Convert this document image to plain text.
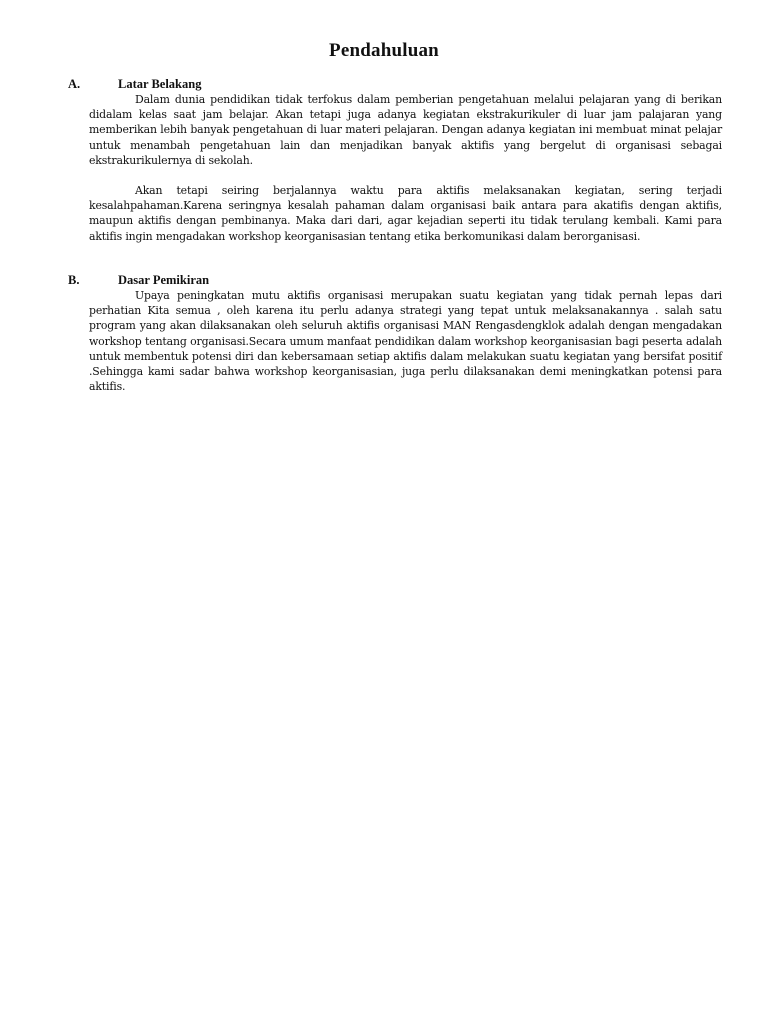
Pendahuluan
A.	Latar Belakang

Dalam dunia pendidikan tidak terfokus dalam pemberian pengetahuan melalui pelajaran yang di berikan didalam kelas saat jam belajar. Akan tetapi juga adanya kegiatan ekstrakurikuler di luar jam palajaran yang memberikan lebih banyak pengetahuan di luar materi pelajaran. Dengan adanya kegiatan ini membuat minat pelajar untuk menambah pengetahuan lain dan menjadikan banyak aktifis yang bergelut di organisasi sebagai ekstrakurikulernya di sekolah.

Akan tetapi seiring berjalannya waktu para aktifis melaksanakan kegiatan, sering terjadi kesalahpahaman.Karena seringnya kesalah pahaman dalam organisasi baik antara para akatifis dengan aktifis, maupun aktifis dengan pembinanya. Maka dari dari, agar kejadian seperti itu tidak terulang kembali. Kami para aktifis ingin mengadakan workshop keorganisasian tentang etika berkomunikasi dalam berorganisasi.

B.	Dasar Pemikiran

Upaya peningkatan mutu aktifis organisasi merupakan suatu kegiatan yang tidak pernah lepas dari perhatian Kita semua , oleh karena itu perlu adanya strategi yang tepat untuk melaksanakannya . salah satu program yang akan dilaksanakan oleh seluruh aktifis organisasi MAN Rengasdengklok adalah dengan mengadakan workshop tentang organisasi.Secara umum manfaat pendidikan dalam workshop keorganisasian bagi peserta adalah untuk membentuk potensi diri dan kebersamaan setiap aktifis dalam melakukan suatu kegiatan yang bersifat positif .Sehingga kami sadar bahwa workshop keorganisasian, juga perlu dilaksanakan demi meningkatkan potensi para aktifis.
